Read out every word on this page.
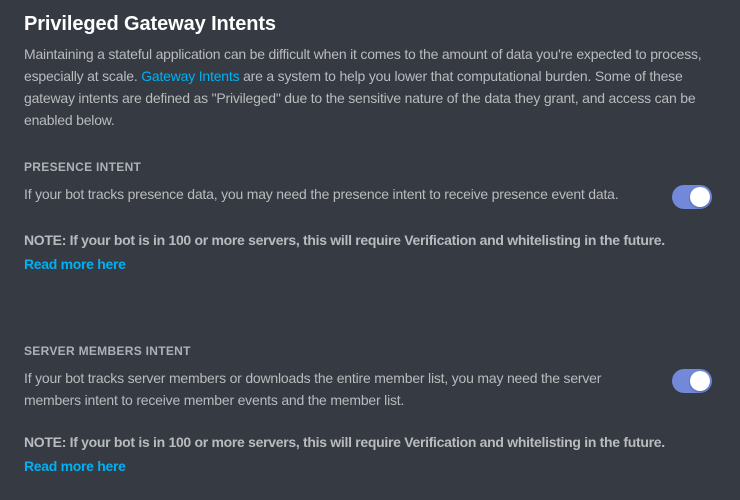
Privileged Gateway Intents

Maintaining a stateful application can be difficult when it comes to the amount of data you're expected to process, especially at scale. Gateway Intents are a system to help you lower that computational burden. Some of these gateway intents are defined as "Privileged" due to the sensitive nature of the data they grant, and access can be enabled below.

PRESENCE INTENT

If your bot tracks presence data, you may need the presence intent to receive presence event data.

NOTE: If your bot is in 100 or more servers, this will require Verification and whitelisting in the future. Read more here

SERVER MEMBERS INTENT

If your bot tracks server members or downloads the entire member list, you may need the server members intent to receive member events and the member list.

NOTE: If your bot is in 100 or more servers, this will require Verification and whitelisting in the future. Read more here
